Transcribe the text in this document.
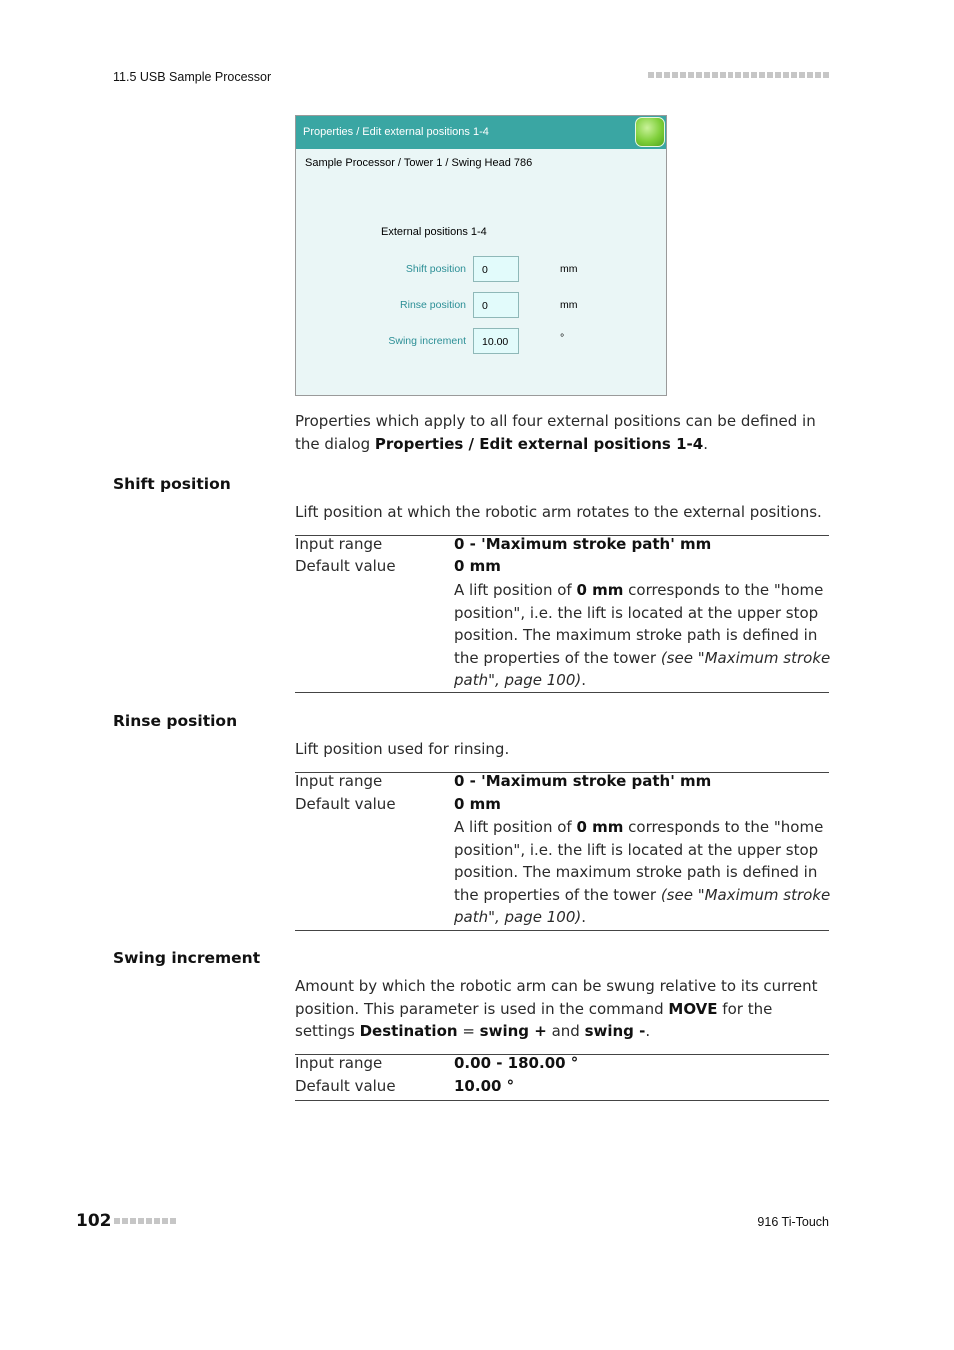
11.5 USB Sample Processor
Properties / Edit external positions 1-4
Sample Processor / Tower 1 / Swing Head 786
External positions 1-4
Shift position	0	mm
Rinse position	0	mm
Swing increment	10.00	°
Properties which apply to all four external positions can be defined in the dialog Properties / Edit external positions 1-4.
Shift position
Lift position at which the robotic arm rotates to the external positions.
Input range	0 - 'Maximum stroke path' mm
Default value	0 mm
A lift position of 0 mm corresponds to the "home position", i.e. the lift is located at the upper stop position. The maximum stroke path is defined in the properties of the tower (see "Maximum stroke path", page 100).
Rinse position
Lift position used for rinsing.
Input range	0 - 'Maximum stroke path' mm
Default value	0 mm
A lift position of 0 mm corresponds to the "home position", i.e. the lift is located at the upper stop position. The maximum stroke path is defined in the properties of the tower (see "Maximum stroke path", page 100).
Swing increment
Amount by which the robotic arm can be swung relative to its current position. This parameter is used in the command MOVE for the settings Destination = swing + and swing -.
Input range	0.00 - 180.00 °
Default value	10.00 °
102	916 Ti-Touch
